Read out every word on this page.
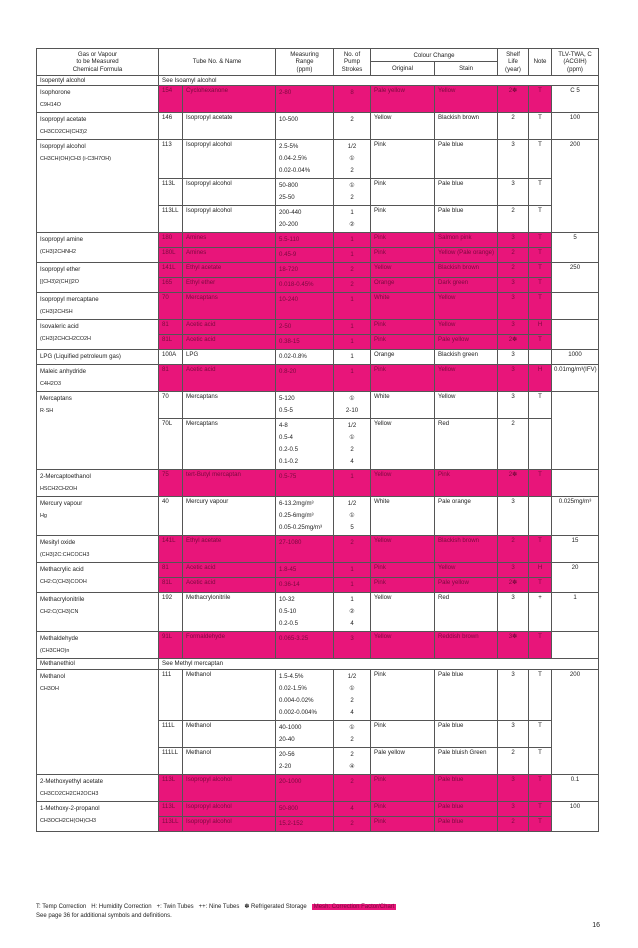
Gas or Vapour
to be Measured
Chemical Formula	Tube No. & Name		Measuring
Range
(ppm)	No. of
Pump
Strokes	Colour Change		Shelf
Life
(year)	Note	TLV-TWA, C
(ACGIH)
(ppm)
					Original	Stain			
Isopentyl alcohol	See Isoamyl alcohol								

Isophorone
C9H14O	154	Cyclohexanone	2-80	8	Pale yellow	Yellow	2✽	T	C 5

Isopropyl acetate
CH3CO2CH(CH3)2	146	Isopropyl acetate	10-500	2	Yellow	Blackish brown	2	T	100

Isopropyl alcohol
CH3CH(OH)CH3 (i-C3H7OH)	113	Isopropyl alcohol	2.5-5%
0.04-2.5%
0.02-0.04%	1/2
①
2	Pink	Pale blue	3	T	200
	113L	Isopropyl alcohol	50-800
25-50	①
2	Pink	Pale blue	3	T	
	113LL	Isopropyl alcohol	200-440
20-200	1
②	Pink	Pale blue	2	T	

Isopropyl amine
(CH3)2CHNH2	180	Amines	5.5-110	1	Pink	Salmon pink	3	T	5
	180L	Amines	0.45-9	1	Pink	Yellow (Pale orange)	2	T	

Isopropyl ether
[(CH3)2(CH)]2O	141L	Ethyl acetate	18-720	2	Yellow	Blackish brown	2	T	250
	165	Ethyl ether	0.018-0.45%	2	Orange	Dark green	3	T	

Isopropyl mercaptane
(CH3)2CHSH	70	Mercaptans	10-240	1	White	Yellow	3	T	

Isovaleric acid
(CH3)2CHCH2CO2H	81	Acetic acid	2-50	1	Pink	Yellow	3	H	
	81L	Acetic acid	0.38-15	1	Pink	Pale yellow	2✽	T	

LPG (Liquified petroleum gas)	100A	LPG	0.02-0.8%	1	Orange	Blackish green	3		1000

Maleic anhydride
C4H2O3	81	Acetic acid	0.8-20	1	Pink	Yellow	3	H	0.01mg/m³(IFV)

Mercaptans
R·SH	70	Mercaptans	5-120
0.5-5	①
2-10	White	Yellow	3	T	
	70L	Mercaptans	4-8
0.5-4
0.2-0.5
0.1-0.2	1/2
①
2
4	Yellow	Red	2		

2-Mercaptoethanol
HSCH2CH2OH	75	tert-Butyl mercaptan	0.5-75	1	Yellow	Pink	2✽	T	

Mercury vapour
Hg	40	Mercury vapour	6-13.2mg/m³
0.25-6mg/m³
0.05-0.25mg/m³	1/2
①
5	White	Pale orange	3		0.025mg/m³

Mesityl oxide
(CH3)2C:CHCOCH3	141L	Ethyl acetate	27-1080	2	Yellow	Blackish brown	2	T	15

Methacrylic acid
CH2:C(CH3)COOH	81	Acetic acid	1.8-45	1	Pink	Yellow	3	H	20
	81L	Acetic acid	0.36-14	1	Pink	Pale yellow	2✽	T	

Methacrylonitrile
CH2:C(CH3)CN	192	Methacrylonitrile	10-32
0.5-10
0.2-0.5	1
②
4	Yellow	Red	3	+	1

Methaldehyde
(CH3CHO)n	91L	Formaldehyde	0.065-3.25	3	Yellow	Reddish brown	3✽	T	
Methanethiol	See Methyl mercaptan								

Methanol
CH3OH	111	Methanol	1.5-4.5%
0.02-1.5%
0.004-0.02%
0.002-0.004%	1/2
①
2
4	Pink	Pale blue	3	T	200
	111L	Methanol	40-1000
20-40	①
2	Pink	Pale blue	3	T	
	111LL	Methanol	20-56
2-20	2
④	Pale yellow	Pale bluish Green	2	T	

2-Methoxyethyl acetate
CH3CO2CH2CH2OCH3	113L	Isopropyl alcohol	20-1000	2	Pink	Pale blue	3	T	0.1

1-Methoxy-2-propanol
CH3OCH2CH(OH)CH3	113L	Isopropyl alcohol	50-800	4	Pink	Pale blue	3	T	100
	113LL	Isopropyl alcohol	15.2-152	2	Pink	Pale blue	2	T	
T: Temp Correction   H: Humidity Correction   +: Twin Tubes   ++: Nine Tubes   ✽ Refrigerated Storage   Mesh: Correction Factor/Chart
See page 36 for additional symbols and definitions.
16
